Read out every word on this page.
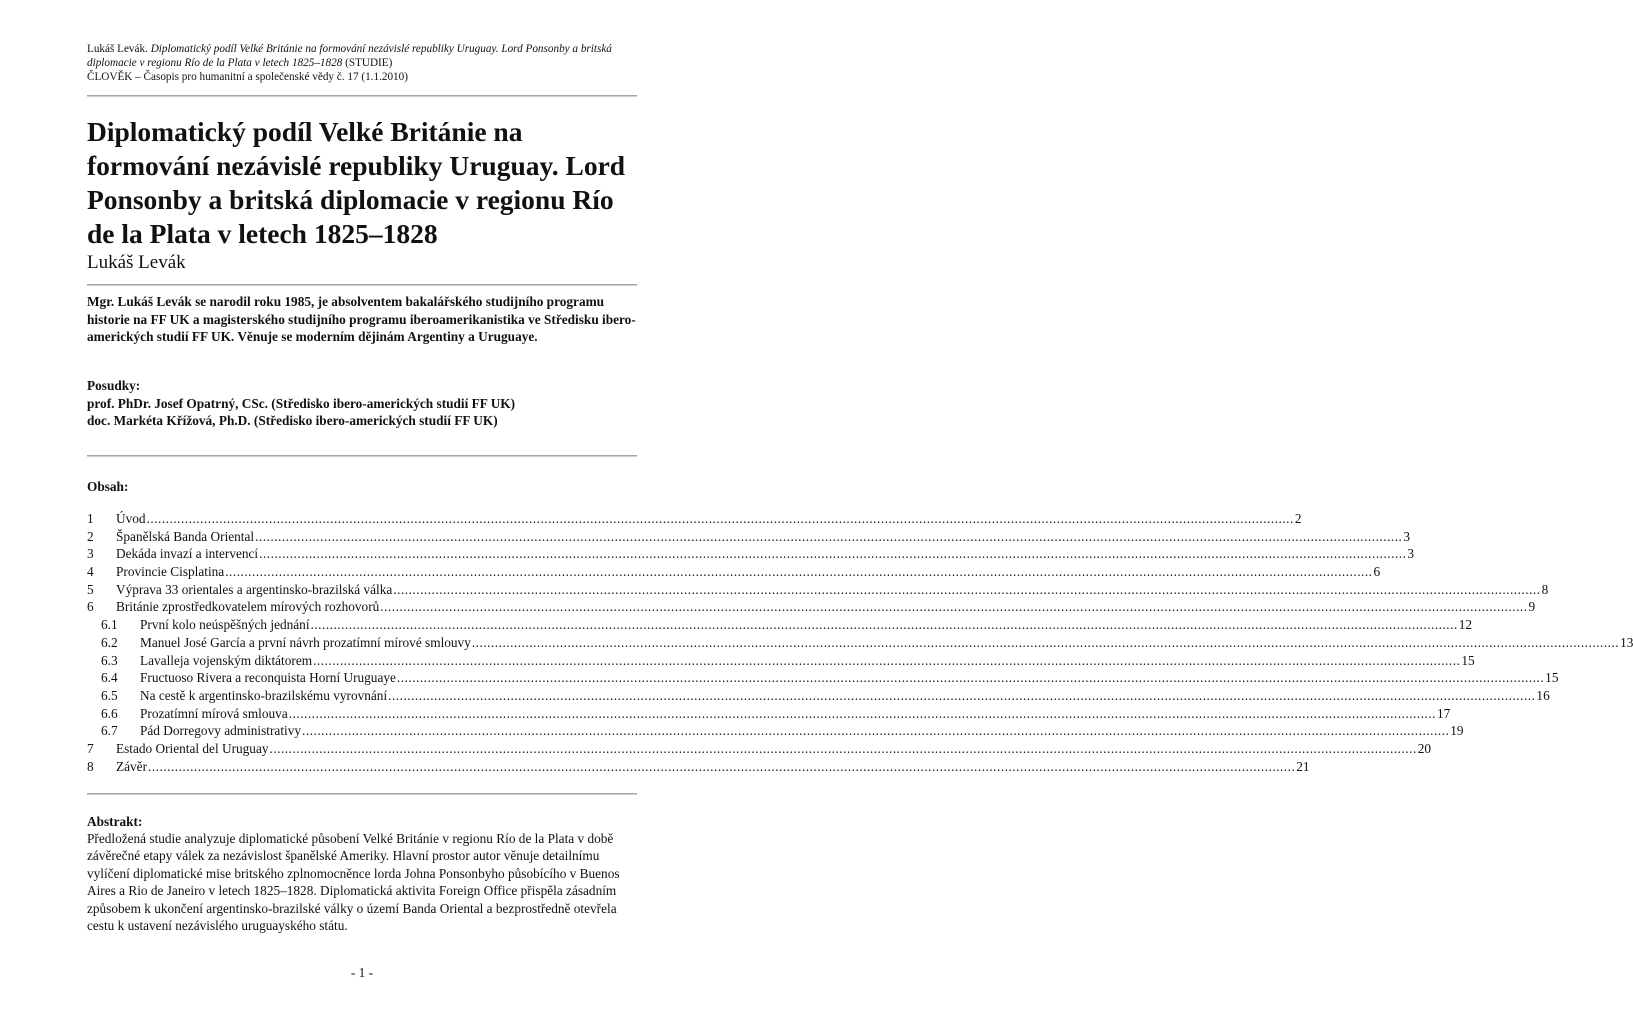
Lukáš Levák. Diplomatický podíl Velké Británie na formování nezávislé republiky Uruguay. Lord Ponsonby a britská diplomacie v regionu Río de la Plata v letech 1825–1828 (STUDIE)
ČLOVĚK – Časopis pro humanitní a společenské vědy č. 17 (1.1.2010)
Diplomatický podíl Velké Británie na formování nezávislé republiky Uruguay. Lord Ponsonby a britská diplomacie v regionu Río de la Plata v letech 1825–1828
Lukáš Levák

Mgr. Lukáš Levák se narodil roku 1985, je absolventem bakalářského studijního programu historie na FF UK a magisterského studijního programu iberoamerikanistika ve Středisku ibero-amerických studií FF UK. Věnuje se moderním dějinám Argentiny a Uruguaye.

Posudky:
prof. PhDr. Josef Opatrný, CSc. (Středisko ibero-amerických studií FF UK)
doc. Markéta Křížová, Ph.D. (Středisko ibero-amerických studií FF UK)
Obsah:
1	Úvod ............................................................................................................................................................................................................................................................................................................ 2
2	Španělská Banda Oriental ............................................................................................................................................................................................................................................................................................................ 3
3	Dekáda invazí a intervencí ............................................................................................................................................................................................................................................................................................................ 3
4	Provincie Cisplatina ............................................................................................................................................................................................................................................................................................................ 6
5	Výprava 33 orientales a argentinsko-brazilská válka ............................................................................................................................................................................................................................................................................................................ 8
6	Británie zprostředkovatelem mírových rozhovorů ............................................................................................................................................................................................................................................................................................................ 9
6.1	První kolo neúspěšných jednání ............................................................................................................................................................................................................................................................................................................ 12
6.2	Manuel José García a první návrh prozatímní mírové smlouvy ............................................................................................................................................................................................................................................................................................................ 13
6.3	Lavalleja vojenským diktátorem ............................................................................................................................................................................................................................................................................................................ 15
6.4	Fructuoso Rivera a reconquista Horní Uruguaye ............................................................................................................................................................................................................................................................................................................ 15
6.5	Na cestě k argentinsko-brazilskému vyrovnání ............................................................................................................................................................................................................................................................................................................ 16
6.6	Prozatímní mírová smlouva ............................................................................................................................................................................................................................................................................................................ 17
6.7	Pád Dorregovy administrativy ............................................................................................................................................................................................................................................................................................................ 19
7	Estado Oriental del Uruguay ............................................................................................................................................................................................................................................................................................................ 20
8	Závěr ............................................................................................................................................................................................................................................................................................................ 21
Abstrakt:

Předložená studie analyzuje diplomatické působení Velké Británie v regionu Río de la Plata v době závěrečné etapy válek za nezávislost španělské Ameriky. Hlavní prostor autor věnuje detailnímu vylíčení diplomatické mise britského zplnomocněnce lorda Johna Ponsonbyho působícího v Buenos Aires a Rio de Janeiro v letech 1825–1828. Diplomatická aktivita Foreign Office přispěla zásadním způsobem k ukončení argentinsko-brazilské války o území Banda Oriental a bezprostředně otevřela cestu k ustavení nezávislého uruguayského státu.

- 1 -
